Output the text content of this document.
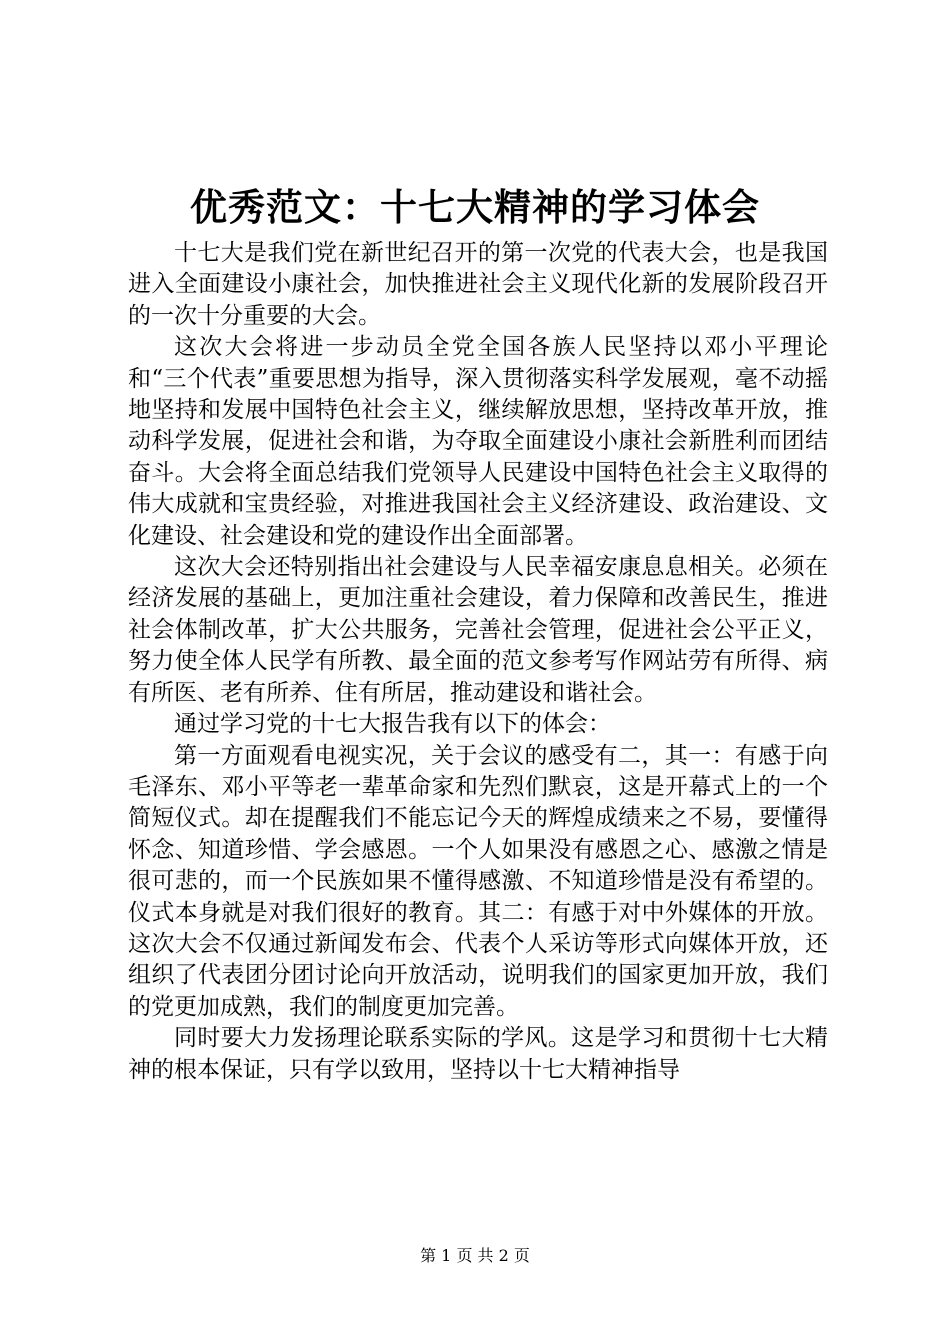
优秀范文：十七大精神的学习体会

十七大是我们党在新世纪召开的第一次党的代表大会，也是我国进入全面建设小康社会，加快推进社会主义现代化新的发展阶段召开的一次十分重要的大会。

这次大会将进一步动员全党全国各族人民坚持以邓小平理论和“三个代表”重要思想为指导，深入贯彻落实科学发展观，毫不动摇地坚持和发展中国特色社会主义，继续解放思想，坚持改革开放，推动科学发展，促进社会和谐，为夺取全面建设小康社会新胜利而团结奋斗。大会将全面总结我们党领导人民建设中国特色社会主义取得的伟大成就和宝贵经验，对推进我国社会主义经济建设、政治建设、文化建设、社会建设和党的建设作出全面部署。

这次大会还特别指出社会建设与人民幸福安康息息相关。必须在经济发展的基础上，更加注重社会建设，着力保障和改善民生，推进社会体制改革，扩大公共服务，完善社会管理，促进社会公平正义，努力使全体人民学有所教、最全面的范文参考写作网站劳有所得、病有所医、老有所养、住有所居，推动建设和谐社会。

通过学习党的十七大报告我有以下的体会：

第一方面观看电视实况，关于会议的感受有二，其一：有感于向毛泽东、邓小平等老一辈革命家和先烈们默哀，这是开幕式上的一个简短仪式。却在提醒我们不能忘记今天的辉煌成绩来之不易，要懂得怀念、知道珍惜、学会感恩。一个人如果没有感恩之心、感激之情是很可悲的，而一个民族如果不懂得感激、不知道珍惜是没有希望的。仪式本身就是对我们很好的教育。其二：有感于对中外媒体的开放。这次大会不仅通过新闻发布会、代表个人采访等形式向媒体开放，还组织了代表团分团讨论向开放活动，说明我们的国家更加开放，我们的党更加成熟，我们的制度更加完善。

同时要大力发扬理论联系实际的学风。这是学习和贯彻十七大精神的根本保证，只有学以致用，坚持以十七大精神指导

第 1 页 共 2 页
